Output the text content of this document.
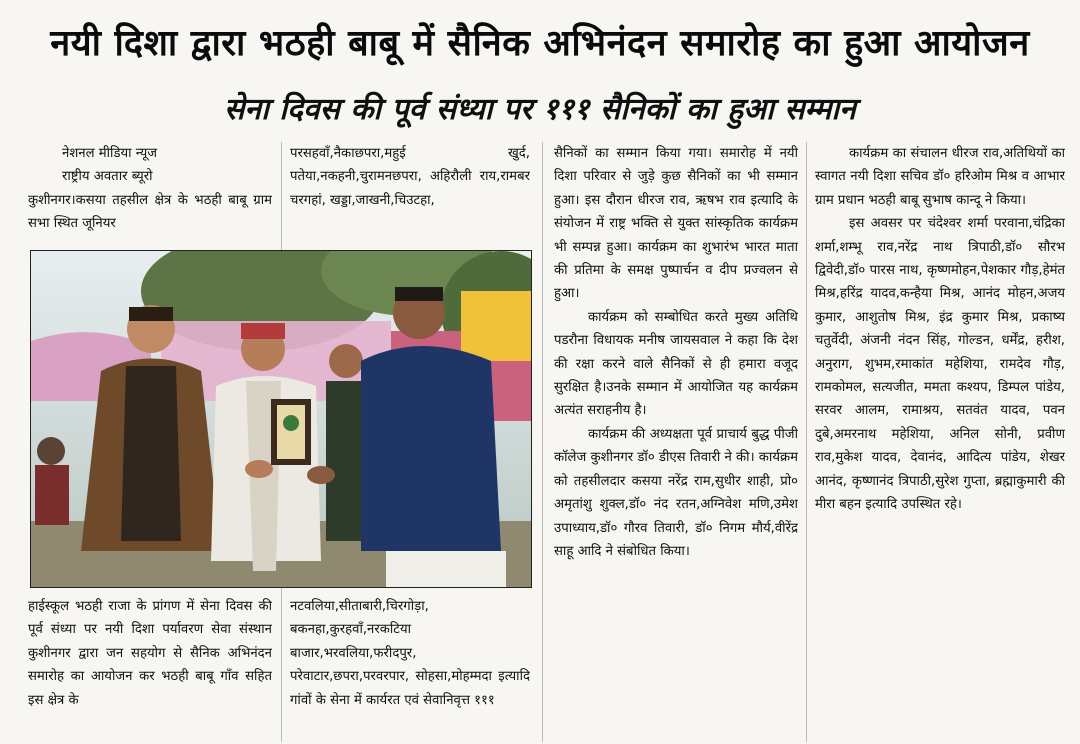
नयी दिशा द्वारा भठही बाबू में सैनिक अभिनंदन समारोह का हुआ आयोजन
सेना दिवस की पूर्व संध्या पर १११ सैनिकों का हुआ सम्मान

नेशनल मीडिया न्यूज

राष्ट्रीय अवतार ब्यूरो

कुशीनगर।कसया तहसील क्षेत्र के भठही बाबू ग्राम सभा स्थित जूनियर

परसहवाँ,नैकाछपरा,महुई खुर्द, पतेया,नकहनी,चुरामनछपरा, अहिरौली राय,रामबर चरगहां, खड्डा,जाखनी,चिउटहा,

हाईस्कूल भठही राजा के प्रांगण में सेना दिवस की पूर्व संध्या पर नयी दिशा पर्यावरण सेवा संस्थान कुशीनगर द्वारा जन सहयोग से सैनिक अभिनंदन समारोह का आयोजन कर भठही बाबू गाँव सहित इस क्षेत्र के

नटवलिया,सीताबारी,चिरगोड़ा, बकनहा,कुरहवाँ,नरकटिया बाजार,भरवलिया,फरीदपुर, परेवाटार,छपरा,परवरपार, सोहसा,मोहम्मदा इत्यादि गांवों के सेना में कार्यरत एवं सेवानिवृत्त १११

सैनिकों का सम्मान किया गया। समारोह में नयी दिशा परिवार से जुड़े कुछ सैनिकों का भी सम्मान हुआ। इस दौरान धीरज राव, ऋषभ राव इत्यादि के संयोजन में राष्ट्र भक्ति से युक्त सांस्कृतिक कार्यक्रम भी सम्पन्न हुआ। कार्यक्रम का शुभारंभ भारत माता की प्रतिमा के समक्ष पुष्पार्चन व दीप प्रज्वलन से हुआ।

कार्यक्रम को सम्बोधित करते मुख्य अतिथि पडरौना विधायक मनीष जायसवाल ने कहा कि देश की रक्षा करने वाले सैनिकों से ही हमारा वजूद सुरक्षित है।उनके सम्मान में आयोजित यह कार्यक्रम अत्यंत सराहनीय है।

कार्यक्रम की अध्यक्षता पूर्व प्राचार्य बुद्ध पीजी कॉलेज कुशीनगर डॉ० डीएस तिवारी ने की। कार्यक्रम को तहसीलदार कसया नरेंद्र राम,सुधीर शाही, प्रो० अमृतांशु शुक्ल,डॉ० नंद रतन,अग्निवेश मणि,उमेश उपाध्याय,डॉ० गौरव तिवारी, डॉ० निगम मौर्य,वीरेंद्र साहू आदि ने संबोधित किया।

कार्यक्रम का संचालन धीरज राव,अतिथियों का स्वागत नयी दिशा सचिव डॉ० हरिओम मिश्र व आभार ग्राम प्रधान भठही बाबू सुभाष कान्दू ने किया।

इस अवसर पर चंदेश्वर शर्मा परवाना,चंद्रिका शर्मा,शम्भू राव,नरेंद्र नाथ त्रिपाठी,डॉ० सौरभ द्विवेदी,डॉ० पारस नाथ, कृष्णमोहन,पेशकार गौड़,हेमंत मिश्र,हरिंद्र यादव,कन्हैया मिश्र, आनंद मोहन,अजय कुमार, आशुतोष मिश्र, इंद्र कुमार मिश्र, प्रकाष्य चतुर्वेदी, अंजनी नंदन सिंह, गोल्डन, धर्मेंद्र, हरीश, अनुराग, शुभम,रमाकांत महेशिया, रामदेव गौड़, रामकोमल, सत्यजीत, ममता कश्यप, डिम्पल पांडेय, सरवर आलम, रामाश्रय, सतवंत यादव, पवन दुबे,अमरनाथ महेशिया, अनिल सोनी, प्रवीण राव,मुकेश यादव, देवानंद, आदित्य पांडेय, शेखर आनंद, कृष्णानंद त्रिपाठी,सुरेश गुप्ता, ब्रह्माकुमारी की मीरा बहन इत्यादि उपस्थित रहे।
